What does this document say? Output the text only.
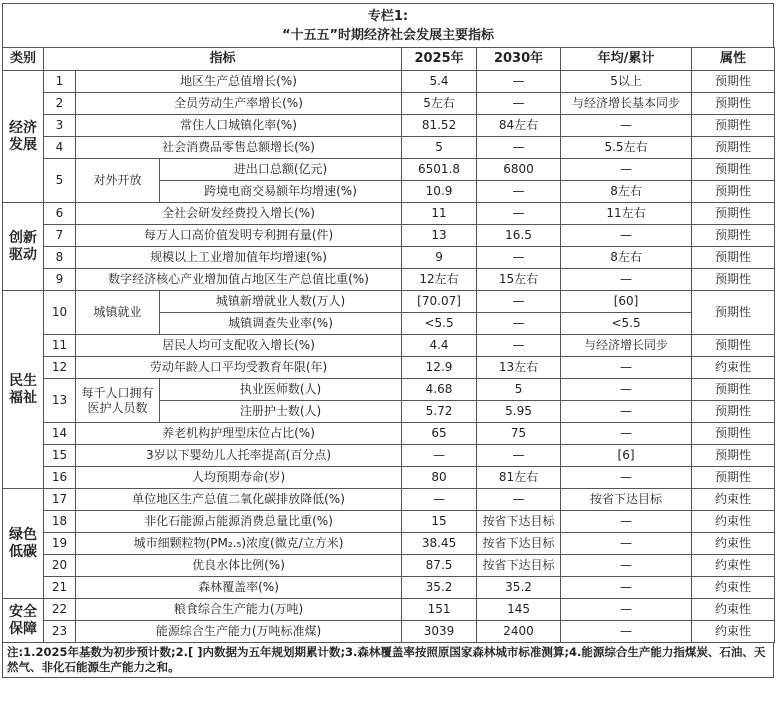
专栏1:
“十五五”时期经济社会发展主要指标
类别	指标			2025年	2030年	年均/累计	属性
经济发展	1	地区生产总值增长(%)		5.4	—	5以上	预期性
	2	全员劳动生产率增长(%)		5左右	—	与经济增长基本同步	预期性
	3	常住人口城镇化率(%)		81.52	84左右	—	预期性
	4	社会消费品零售总额增长(%)		5	—	5.5左右	预期性
	5	对外开放	进出口总额(亿元)	6501.8	6800	—	预期性
			跨境电商交易额年均增速(%)	10.9	—	8左右	预期性
创新驱动	6	全社会研发经费投入增长(%)		11	—	11左右	预期性
	7	每万人口高价值发明专利拥有量(件)		13	16.5	—	预期性
	8	规模以上工业增加值年均增速(%)		9	—	8左右	预期性
	9	数字经济核心产业增加值占地区生产总值比重(%)		12左右	15左右	—	预期性
民生福祉	10	城镇就业	城镇新增就业人数(万人)	[70.07]	—	[60]	预期性
			城镇调查失业率(%)	<5.5	—	<5.5	
	11	居民人均可支配收入增长(%)		4.4	—	与经济增长同步	预期性
	12	劳动年龄人口平均受教育年限(年)		12.9	13左右	—	约束性
	13	每千人口拥有医护人员数	执业医师数(人)	4.68	5	—	预期性
			注册护士数(人)	5.72	5.95	—	预期性
	14	养老机构护理型床位占比(%)		65	75	—	预期性
	15	3岁以下婴幼儿人托率提高(百分点)		—	—	[6]	预期性
	16	人均预期寿命(岁)		80	81左右	—	预期性
绿色低碳	17	单位地区生产总值二氧化碳排放降低(%)		—	—	按省下达目标	约束性
	18	非化石能源占能源消费总量比重(%)		15	按省下达目标	—	约束性
	19	城市细颗粒物(PM₂.₅)浓度(微克/立方米)		38.45	按省下达目标	—	约束性
	20	优良水体比例(%)		87.5	按省下达目标	—	约束性
	21	森林覆盖率(%)		35.2	35.2	—	约束性
安全保障	22	粮食综合生产能力(万吨)		151	145	—	约束性
	23	能源综合生产能力(万吨标准煤)		3039	2400	—	约束性
注:1.2025年基数为初步预计数;2.[ ]内数据为五年规划期累计数;3.森林覆盖率按照原国家森林城市标准测算;4.能源综合生产能力指煤炭、石油、天然气、非化石能源生产能力之和。
